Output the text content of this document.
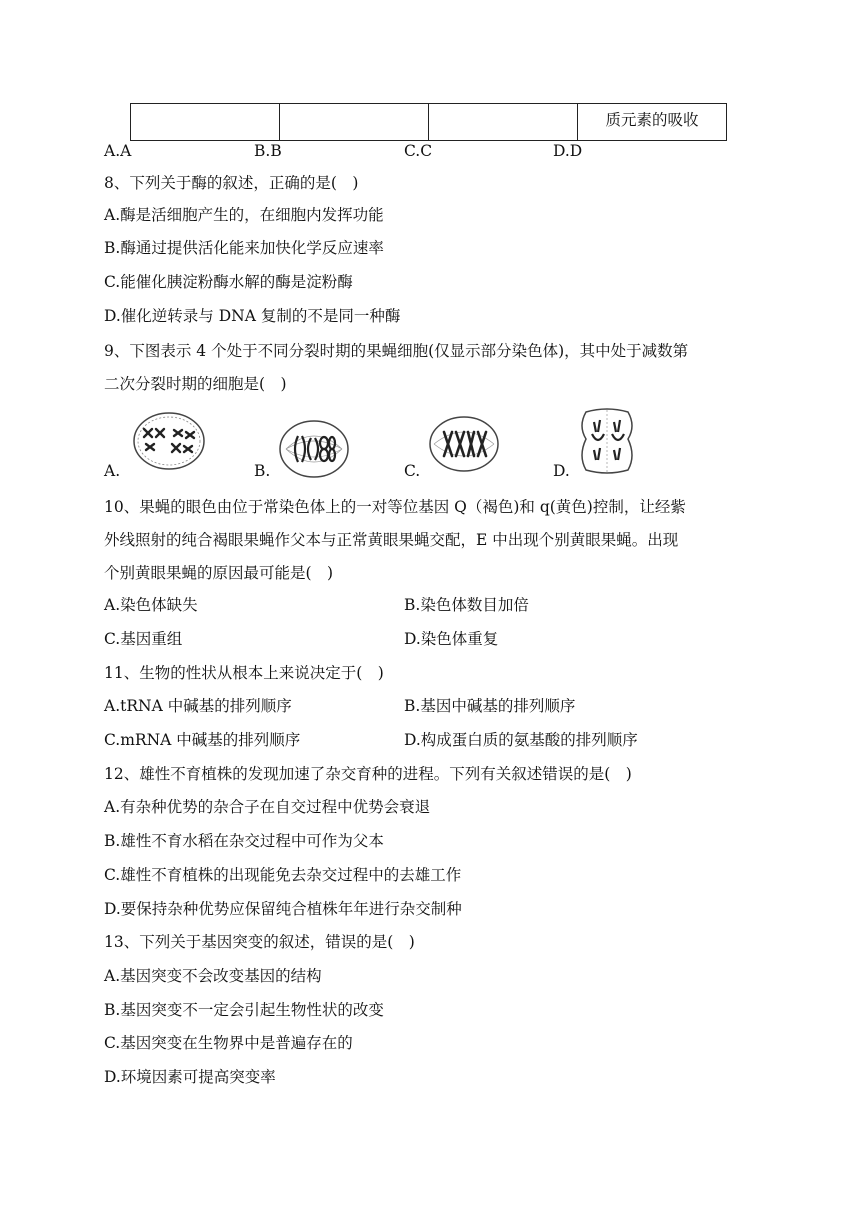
			质元素的吸收
A.A	B.B	C.C	D.D
8、下列关于酶的叙述，正确的是(　)
A.酶是活细胞产生的，在细胞内发挥功能
B.酶通过提供活化能来加快化学反应速率
C.能催化胰淀粉酶水解的酶是淀粉酶
D.催化逆转录与 DNA 复制的不是同一种酶
9、下图表示 4 个处于不同分裂时期的果蝇细胞(仅显示部分染色体)，其中处于减数第
二次分裂时期的细胞是(　)
A.	B.	C.	D.
10、果蝇的眼色由位于常染色体上的一对等位基因 Q（褐色)和 q(黄色)控制，让经紫
外线照射的纯合褐眼果蝇作父本与正常黄眼果蝇交配，E 中出现个别黄眼果蝇。出现
个别黄眼果蝇的原因最可能是(　)
A.染色体缺失	B.染色体数目加倍
C.基因重组	D.染色体重复
11、生物的性状从根本上来说决定于(　)
A.tRNA 中碱基的排列顺序	B.基因中碱基的排列顺序
C.mRNA 中碱基的排列顺序	D.构成蛋白质的氨基酸的排列顺序
12、雄性不育植株的发现加速了杂交育种的进程。下列有关叙述错误的是(　)
A.有杂种优势的杂合子在自交过程中优势会衰退
B.雄性不育水稻在杂交过程中可作为父本
C.雄性不育植株的出现能免去杂交过程中的去雄工作
D.要保持杂种优势应保留纯合植株年年进行杂交制种
13、下列关于基因突变的叙述，错误的是(　)
A.基因突变不会改变基因的结构
B.基因突变不一定会引起生物性状的改变
C.基因突变在生物界中是普遍存在的
D.环境因素可提高突变率
